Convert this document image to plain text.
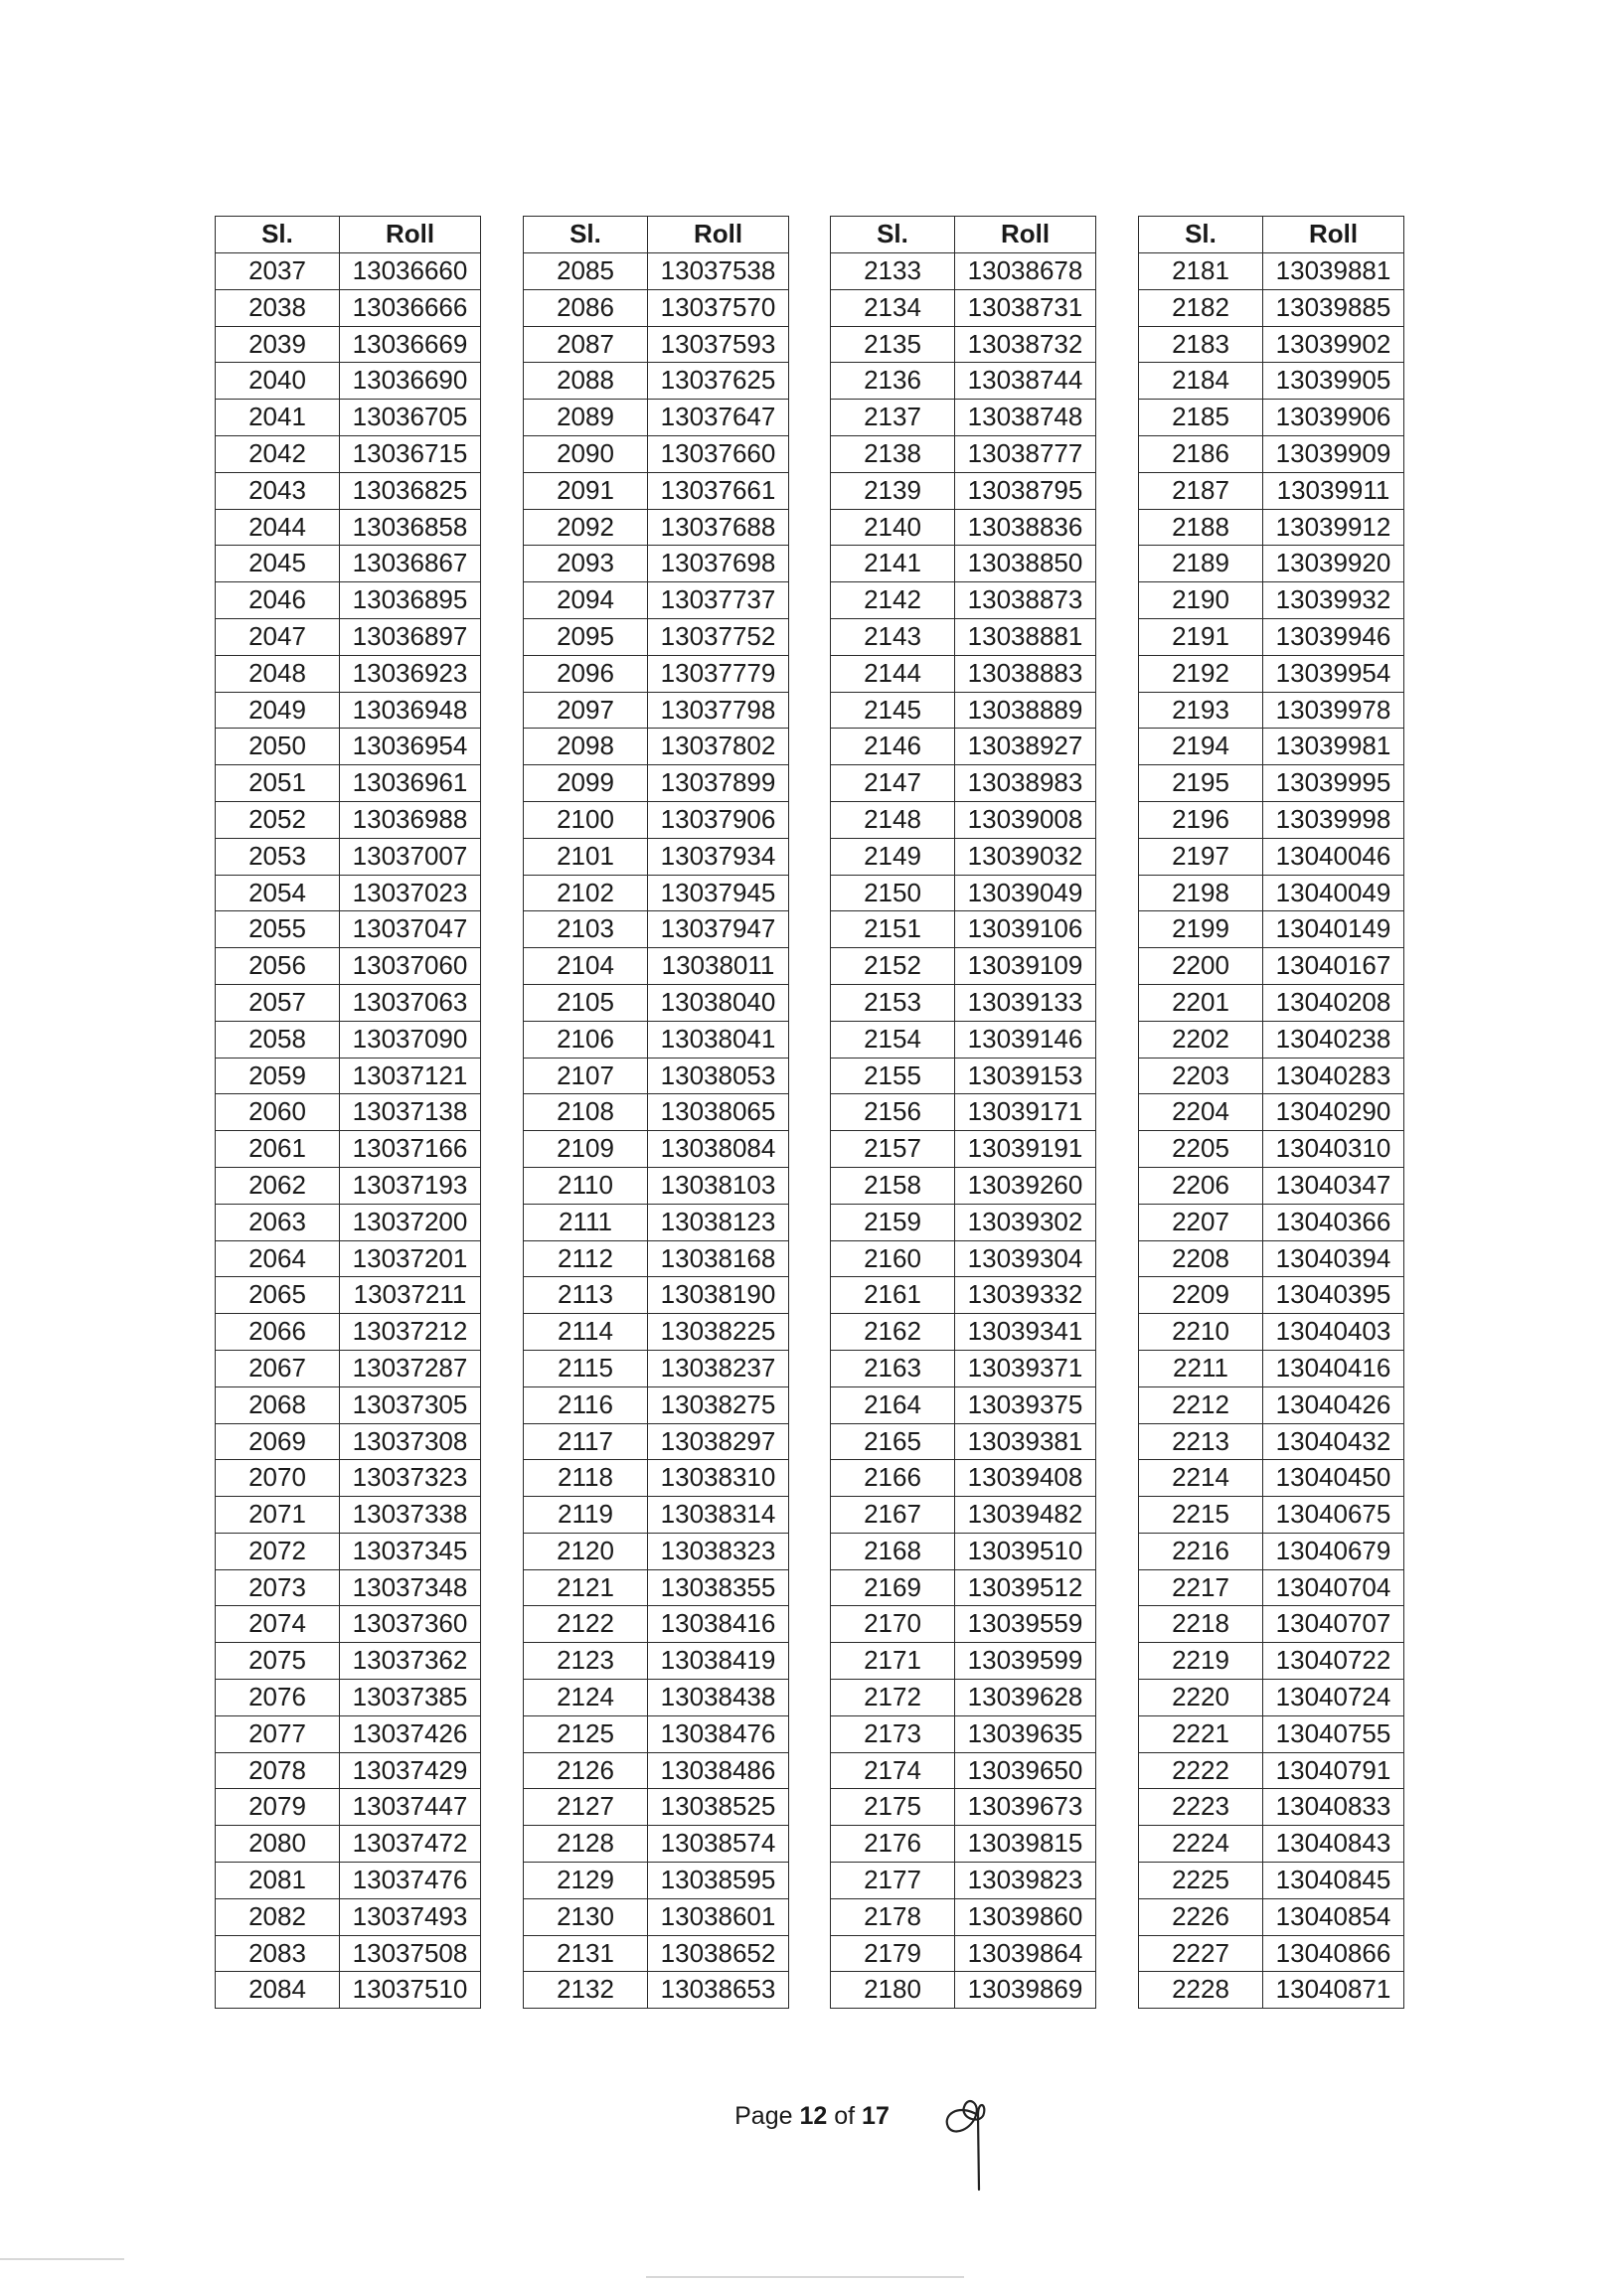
Sl.	Roll
2037	13036660
2038	13036666
2039	13036669
2040	13036690
2041	13036705
2042	13036715
2043	13036825
2044	13036858
2045	13036867
2046	13036895
2047	13036897
2048	13036923
2049	13036948
2050	13036954
2051	13036961
2052	13036988
2053	13037007
2054	13037023
2055	13037047
2056	13037060
2057	13037063
2058	13037090
2059	13037121
2060	13037138
2061	13037166
2062	13037193
2063	13037200
2064	13037201
2065	13037211
2066	13037212
2067	13037287
2068	13037305
2069	13037308
2070	13037323
2071	13037338
2072	13037345
2073	13037348
2074	13037360
2075	13037362
2076	13037385
2077	13037426
2078	13037429
2079	13037447
2080	13037472
2081	13037476
2082	13037493
2083	13037508
2084	13037510
Sl.	Roll
2085	13037538
2086	13037570
2087	13037593
2088	13037625
2089	13037647
2090	13037660
2091	13037661
2092	13037688
2093	13037698
2094	13037737
2095	13037752
2096	13037779
2097	13037798
2098	13037802
2099	13037899
2100	13037906
2101	13037934
2102	13037945
2103	13037947
2104	13038011
2105	13038040
2106	13038041
2107	13038053
2108	13038065
2109	13038084
2110	13038103
2111	13038123
2112	13038168
2113	13038190
2114	13038225
2115	13038237
2116	13038275
2117	13038297
2118	13038310
2119	13038314
2120	13038323
2121	13038355
2122	13038416
2123	13038419
2124	13038438
2125	13038476
2126	13038486
2127	13038525
2128	13038574
2129	13038595
2130	13038601
2131	13038652
2132	13038653
Sl.	Roll
2133	13038678
2134	13038731
2135	13038732
2136	13038744
2137	13038748
2138	13038777
2139	13038795
2140	13038836
2141	13038850
2142	13038873
2143	13038881
2144	13038883
2145	13038889
2146	13038927
2147	13038983
2148	13039008
2149	13039032
2150	13039049
2151	13039106
2152	13039109
2153	13039133
2154	13039146
2155	13039153
2156	13039171
2157	13039191
2158	13039260
2159	13039302
2160	13039304
2161	13039332
2162	13039341
2163	13039371
2164	13039375
2165	13039381
2166	13039408
2167	13039482
2168	13039510
2169	13039512
2170	13039559
2171	13039599
2172	13039628
2173	13039635
2174	13039650
2175	13039673
2176	13039815
2177	13039823
2178	13039860
2179	13039864
2180	13039869
Sl.	Roll
2181	13039881
2182	13039885
2183	13039902
2184	13039905
2185	13039906
2186	13039909
2187	13039911
2188	13039912
2189	13039920
2190	13039932
2191	13039946
2192	13039954
2193	13039978
2194	13039981
2195	13039995
2196	13039998
2197	13040046
2198	13040049
2199	13040149
2200	13040167
2201	13040208
2202	13040238
2203	13040283
2204	13040290
2205	13040310
2206	13040347
2207	13040366
2208	13040394
2209	13040395
2210	13040403
2211	13040416
2212	13040426
2213	13040432
2214	13040450
2215	13040675
2216	13040679
2217	13040704
2218	13040707
2219	13040722
2220	13040724
2221	13040755
2222	13040791
2223	13040833
2224	13040843
2225	13040845
2226	13040854
2227	13040866
2228	13040871
Page 12 of 17
